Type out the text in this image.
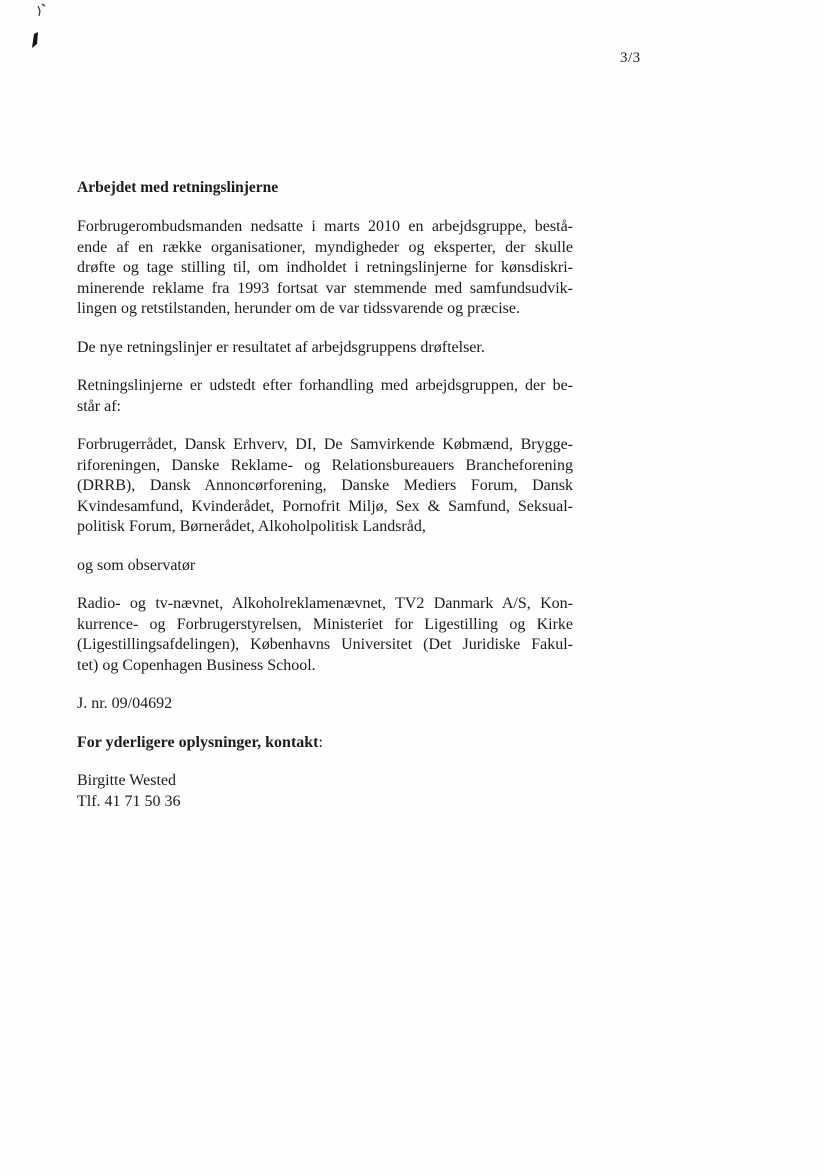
3/3
Arbejdet med retningslinjerne
Forbrugerombudsmanden nedsatte i marts 2010 en arbejdsgruppe, bestå-
ende af en række organisationer, myndigheder og eksperter, der skulle
drøfte og tage stilling til, om indholdet i retningslinjerne for kønsdiskri-
minerende reklame fra 1993 fortsat var stemmende med samfundsudvik-
lingen og retstilstanden, herunder om de var tidssvarende og præcise.

De nye retningslinjer er resultatet af arbejdsgruppens drøftelser.

Retningslinjerne er udstedt efter forhandling med arbejdsgruppen, der be-
står af:
Forbrugerrådet, Dansk Erhverv, DI, De Samvirkende Købmænd, Brygge-
riforeningen, Danske Reklame- og Relationsbureauers Brancheforening
(DRRB), Dansk Annoncørforening, Danske Mediers Forum, Dansk
Kvindesamfund, Kvinderådet, Pornofrit Miljø, Sex & Samfund, Seksual-
politisk Forum, Børnerådet, Alkoholpolitisk Landsråd,

og som observatør

Radio- og tv-nævnet, Alkoholreklamenævnet, TV2 Danmark A/S, Kon-
kurrence- og Forbrugerstyrelsen, Ministeriet for Ligestilling og Kirke
(Ligestillingsafdelingen), Københavns Universitet (Det Juridiske Fakul-
tet) og Copenhagen Business School.

J. nr. 09/04692

For yderligere oplysninger, kontakt:

Birgitte Wested

Tlf. 41 71 50 36
